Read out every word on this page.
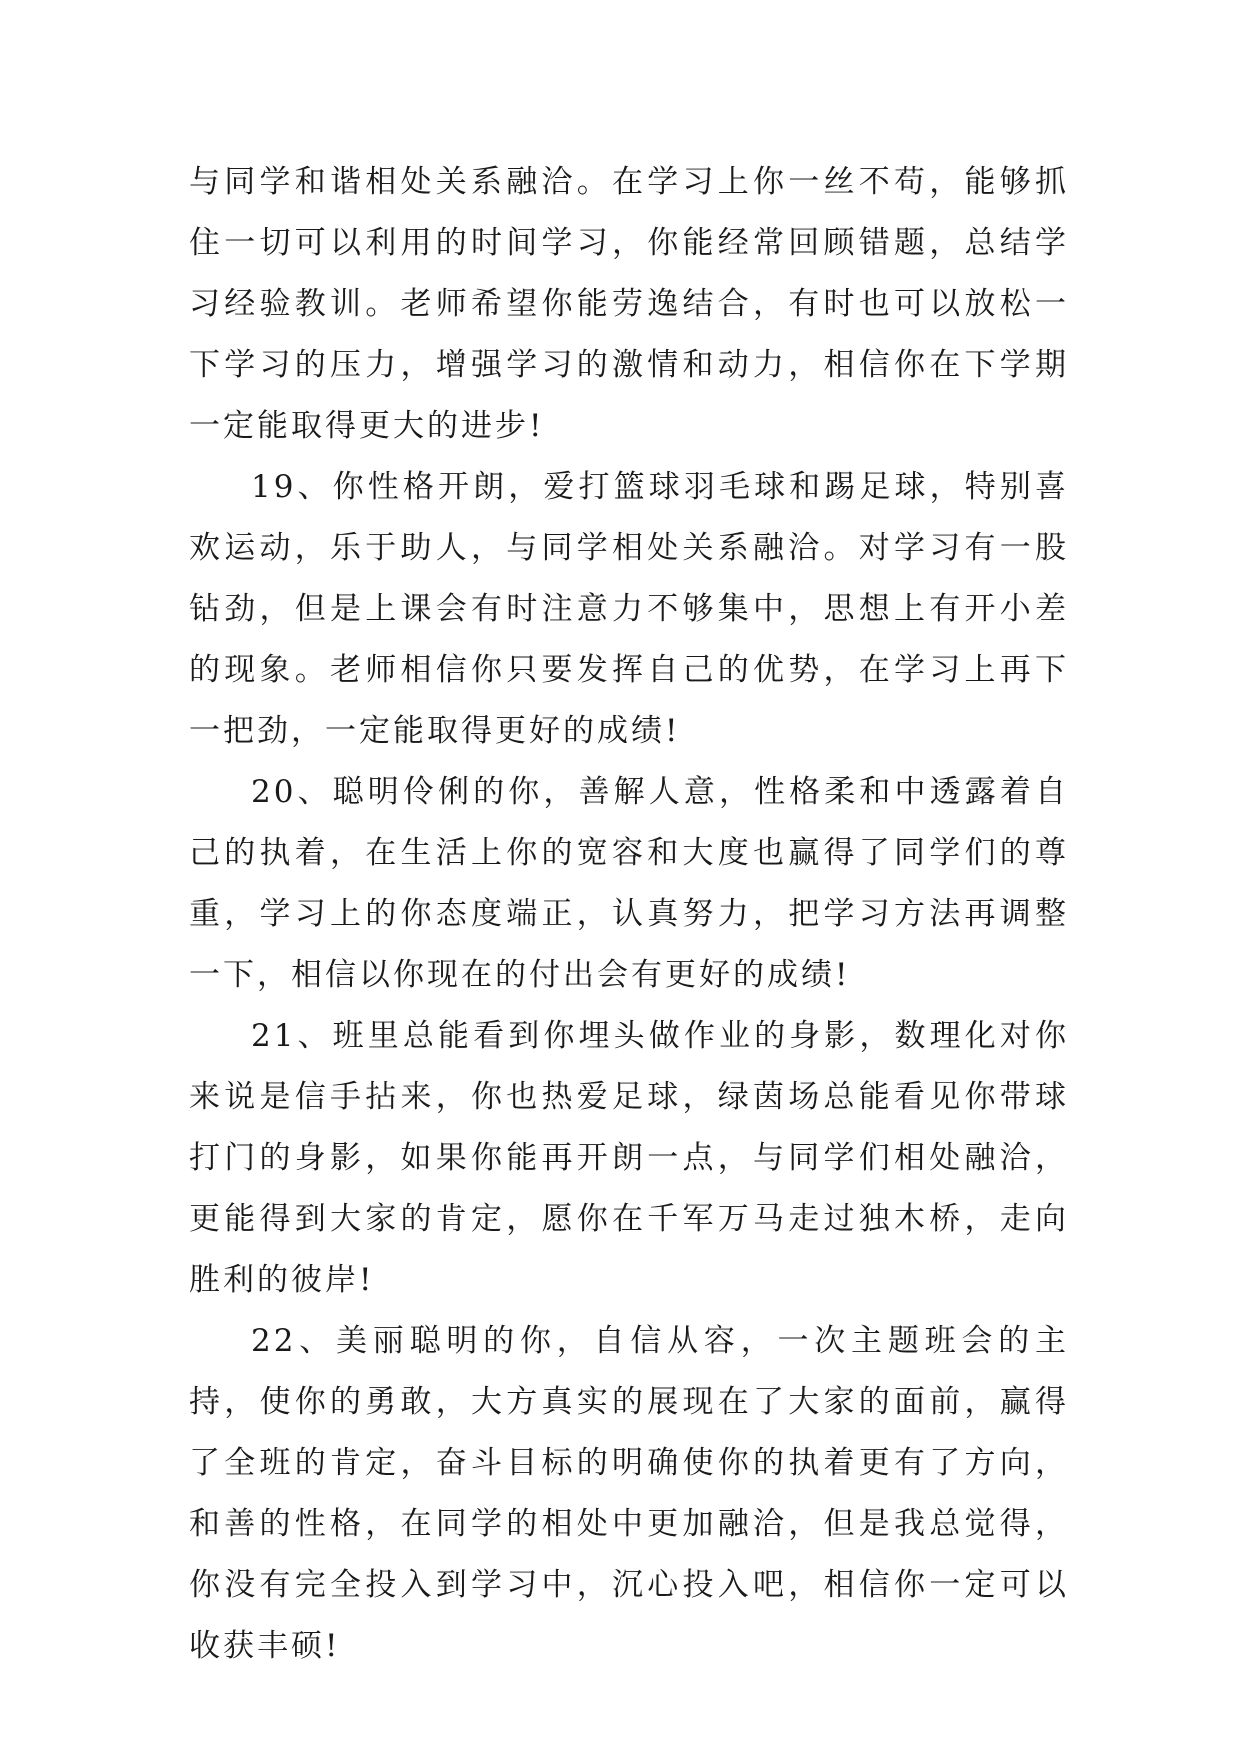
与同学和谐相处关系融洽。在学习上你一丝不苟，能够抓住一切可以利用的时间学习，你能经常回顾错题，总结学习经验教训。老师希望你能劳逸结合，有时也可以放松一下学习的压力，增强学习的激情和动力，相信你在下学期一定能取得更大的进步!

19、你性格开朗，爱打篮球羽毛球和踢足球，特别喜欢运动，乐于助人，与同学相处关系融洽。对学习有一股钻劲，但是上课会有时注意力不够集中，思想上有开小差的现象。老师相信你只要发挥自己的优势，在学习上再下一把劲，一定能取得更好的成绩!

20、聪明伶俐的你，善解人意，性格柔和中透露着自己的执着，在生活上你的宽容和大度也赢得了同学们的尊重，学习上的你态度端正，认真努力，把学习方法再调整一下，相信以你现在的付出会有更好的成绩!

21、班里总能看到你埋头做作业的身影，数理化对你来说是信手拈来，你也热爱足球，绿茵场总能看见你带球打门的身影，如果你能再开朗一点，与同学们相处融洽，更能得到大家的肯定，愿你在千军万马走过独木桥，走向胜利的彼岸!

22、美丽聪明的你，自信从容，一次主题班会的主持，使你的勇敢，大方真实的展现在了大家的面前，赢得了全班的肯定，奋斗目标的明确使你的执着更有了方向，和善的性格，在同学的相处中更加融洽，但是我总觉得，你没有完全投入到学习中，沉心投入吧，相信你一定可以收获丰硕!
